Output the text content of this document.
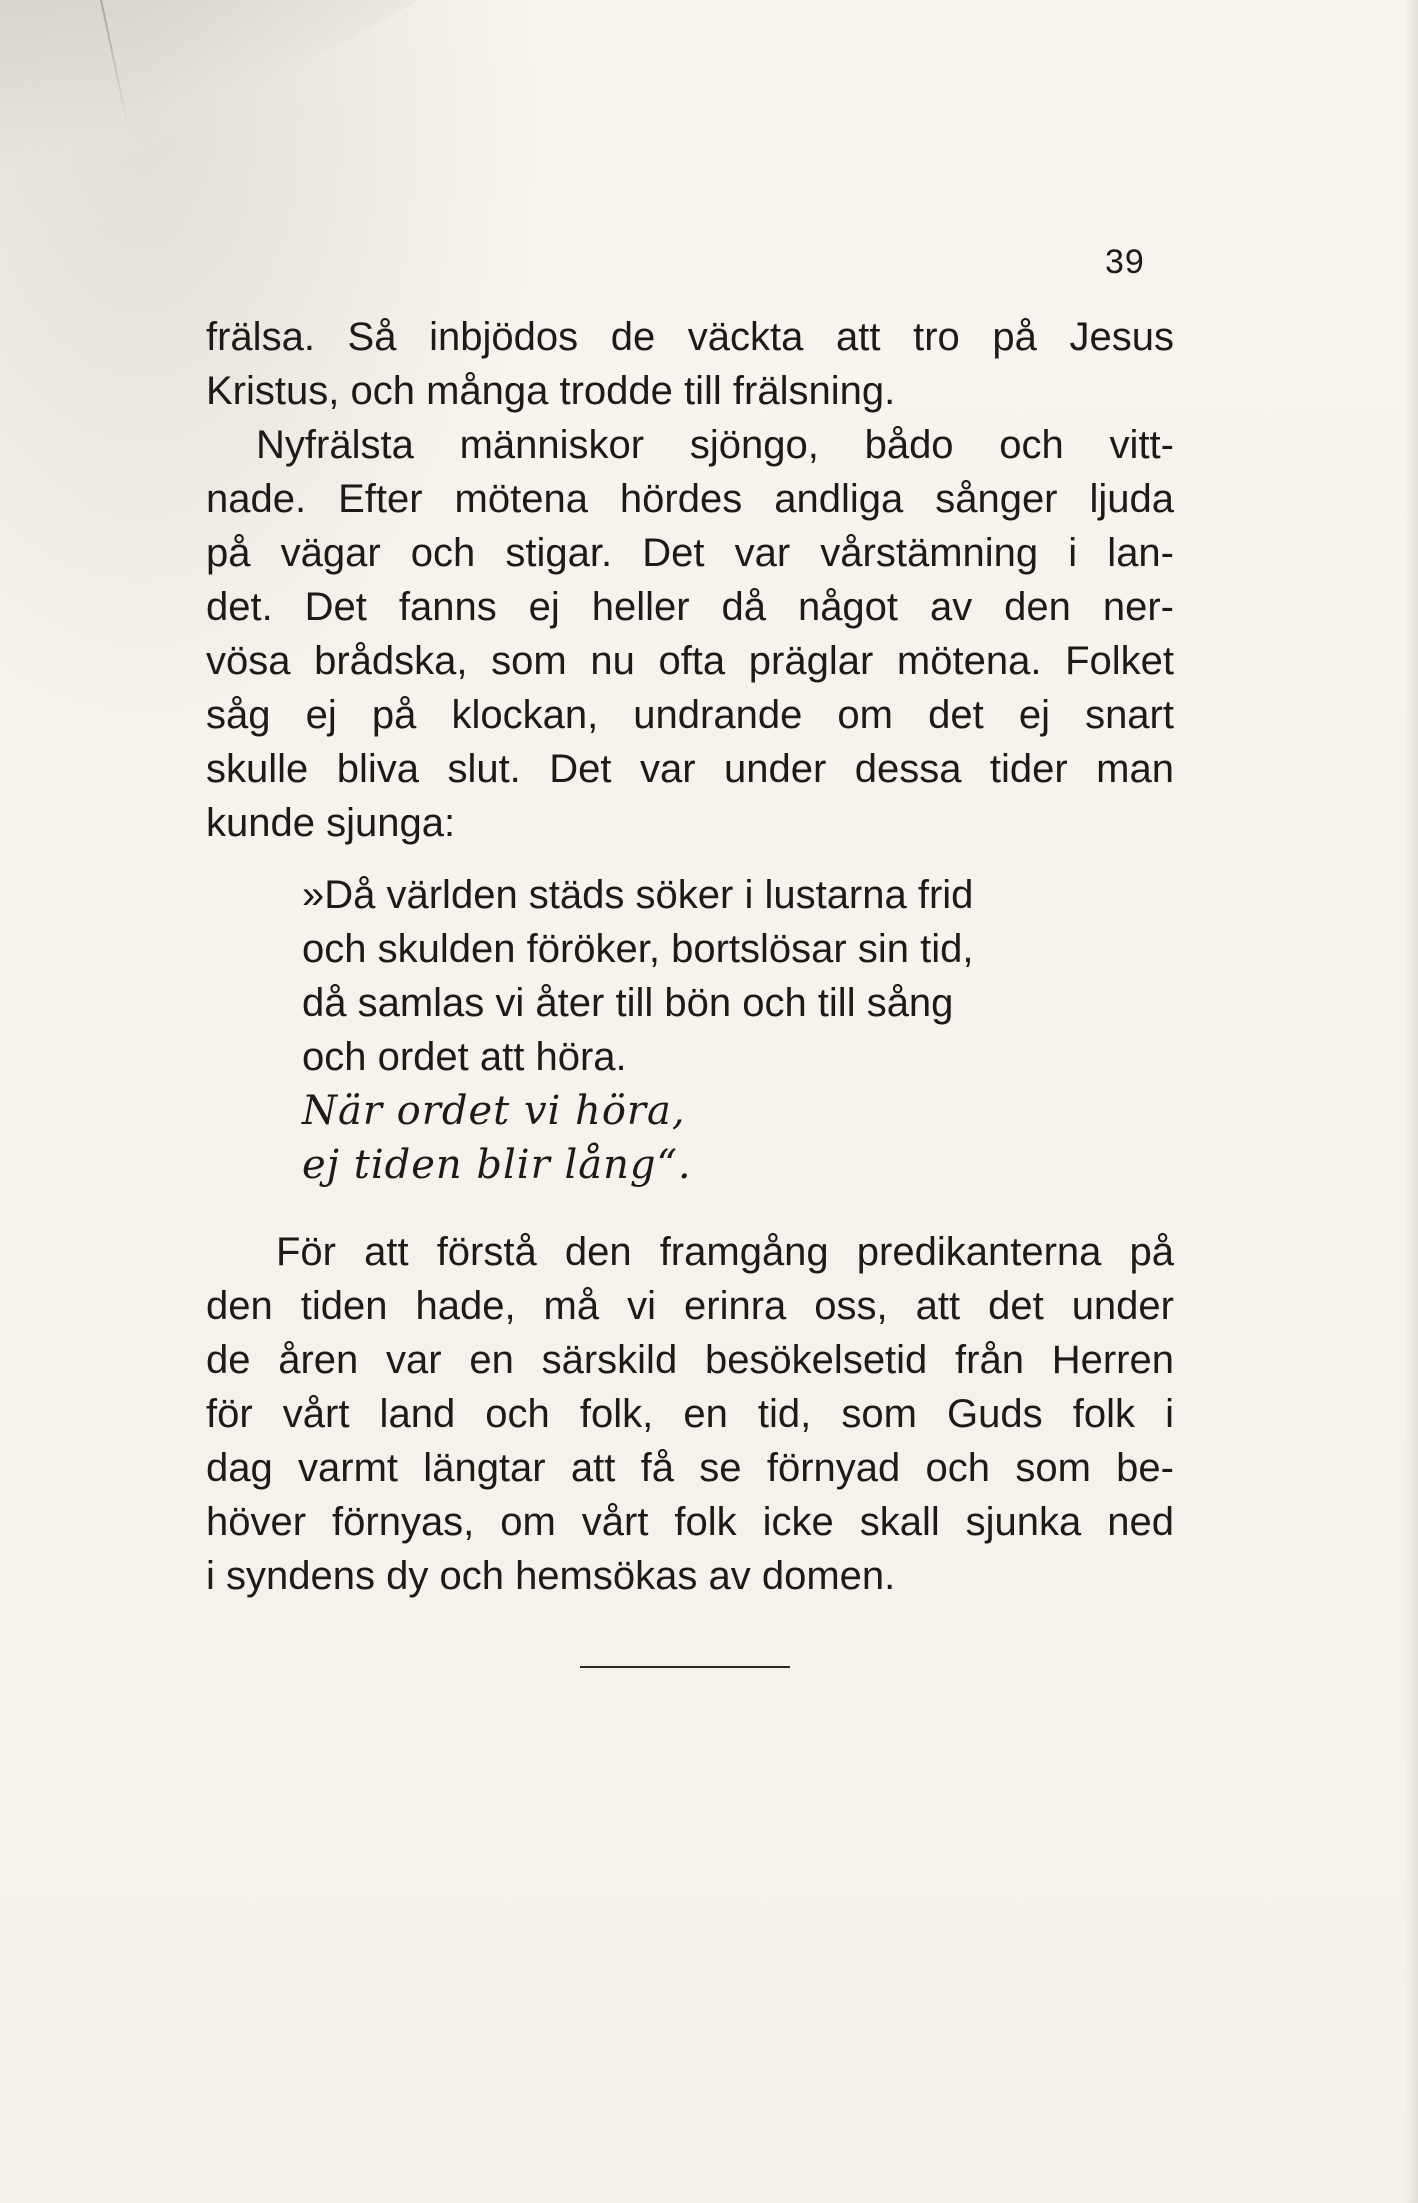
39
frälsa. Så inbjödos de väckta att tro på Jesus
Kristus, och många trodde till frälsning.
Nyfrälsta människor sjöngo, bådo och vitt-
nade. Efter mötena hördes andliga sånger ljuda
på vägar och stigar. Det var vårstämning i lan-
det. Det fanns ej heller då något av den ner-
vösa brådska, som nu ofta präglar mötena. Folket
såg ej på klockan, undrande om det ej snart
skulle bliva slut. Det var under dessa tider man
kunde sjunga:
»Då världen städs söker i lustarna frid
och skulden föröker, bortslösar sin tid,
då samlas vi åter till bön och till sång
och ordet att höra.
När ordet vi höra,
ej tiden blir lång“.
För att förstå den framgång predikanterna på
den tiden hade, må vi erinra oss, att det under
de åren var en särskild besökelsetid från Herren
för vårt land och folk, en tid, som Guds folk i
dag varmt längtar att få se förnyad och som be-
höver förnyas, om vårt folk icke skall sjunka ned
i syndens dy och hemsökas av domen.
